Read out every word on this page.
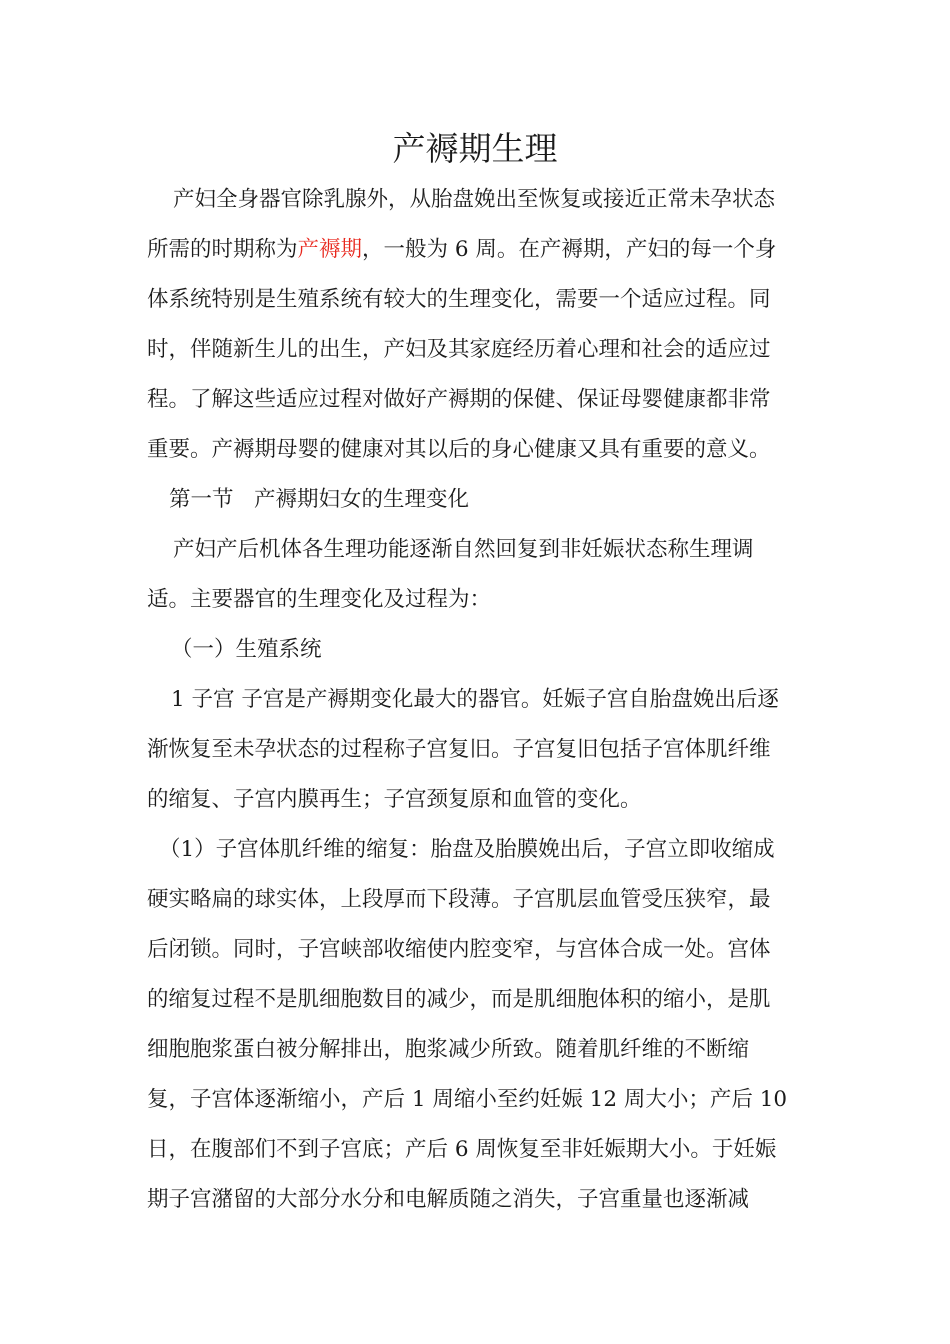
产褥期生理

产妇全身器官除乳腺外，从胎盘娩出至恢复或接近正常未孕状态

所需的时期称为产褥期，一般为 6 周。在产褥期，产妇的每一个身

体系统特别是生殖系统有较大的生理变化，需要一个适应过程。同

时，伴随新生儿的出生，产妇及其家庭经历着心理和社会的适应过

程。了解这些适应过程对做好产褥期的保健、保证母婴健康都非常

重要。产褥期母婴的健康对其以后的身心健康又具有重要的意义。

第一节   产褥期妇女的生理变化

产妇产后机体各生理功能逐渐自然回复到非妊娠状态称生理调

适。主要器官的生理变化及过程为：

（一）生殖系统

1 子宫 子宫是产褥期变化最大的器官。妊娠子宫自胎盘娩出后逐

渐恢复至未孕状态的过程称子宫复旧。子宫复旧包括子宫体肌纤维

的缩复、子宫内膜再生；子宫颈复原和血管的变化。

（1）子宫体肌纤维的缩复：胎盘及胎膜娩出后，子宫立即收缩成

硬实略扁的球实体，上段厚而下段薄。子宫肌层血管受压狭窄，最

后闭锁。同时，子宫峡部收缩使内腔变窄，与宫体合成一处。宫体

的缩复过程不是肌细胞数目的减少，而是肌细胞体积的缩小，是肌

细胞胞浆蛋白被分解排出，胞浆减少所致。随着肌纤维的不断缩

复，子宫体逐渐缩小，产后 1 周缩小至约妊娠 12 周大小；产后 10

日，在腹部们不到子宫底；产后 6 周恢复至非妊娠期大小。于妊娠

期子宫潴留的大部分水分和电解质随之消失，子宫重量也逐渐减
